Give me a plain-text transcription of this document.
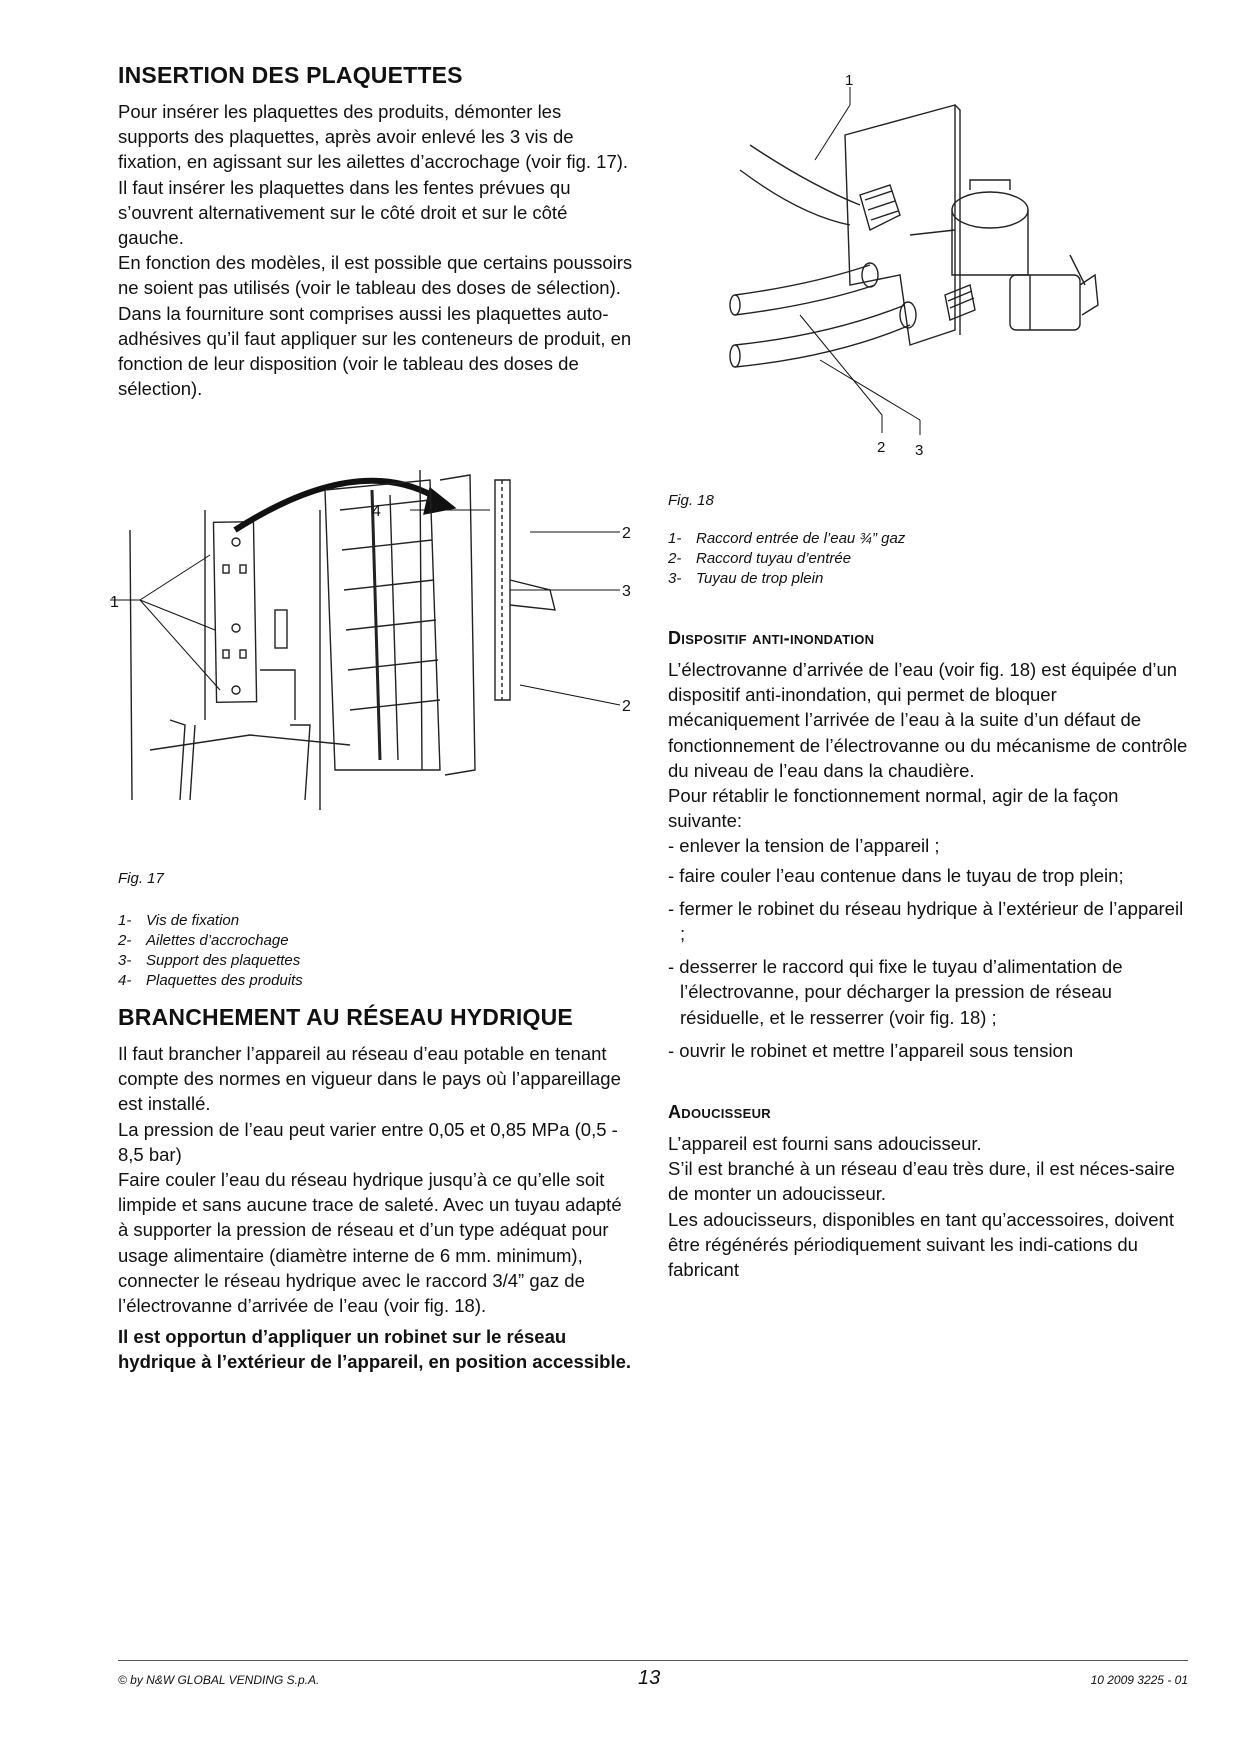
INSERTION DES PLAQUETTES

Pour insérer les plaquettes des produits, démonter les supports des plaquettes, après avoir enlevé les 3 vis de fixation, en agissant sur les ailettes d’accrochage (voir fig. 17).

Il faut insérer les plaquettes dans les fentes prévues qu s’ouvrent alternativement sur le côté droit et sur le côté gauche.

En fonction des modèles, il est possible que certains poussoirs ne soient pas utilisés (voir le tableau des doses de sélection).

Dans la fourniture sont comprises aussi les plaquettes auto-adhésives qu’il faut appliquer sur les conteneurs de produit, en fonction de leur disposition (voir le tableau des doses de sélection).

1
4
2
3
2

Fig. 17

1- Vis de fixation
2- Ailettes d’accrochage
3- Support des plaquettes
4- Plaquettes des produits
BRANCHEMENT AU RÉSEAU HYDRIQUE

Il faut brancher l’appareil au réseau d’eau potable en tenant compte des normes en vigueur dans le pays où l’appareillage est installé.

La pression de l’eau peut varier entre 0,05 et 0,85 MPa (0,5 - 8,5 bar)

Faire couler l’eau du réseau hydrique jusqu’à ce qu’elle soit limpide et sans aucune trace de saleté. Avec un tuyau adapté à supporter la pression de réseau et d’un type adéquat pour usage alimentaire (diamètre interne de 6 mm. minimum), connecter le réseau hydrique avec le raccord 3/4” gaz de l’électrovanne d’arrivée de l’eau (voir fig. 18).

Il est opportun d’appliquer un robinet sur le réseau hydrique à l’extérieur de l’appareil, en position accessible.

1
2 3

Fig. 18

1- Raccord entrée de l’eau ¾” gaz
2- Raccord tuyau d’entrée
3- Tuyau de trop plein
Dispositif anti-inondation

L’électrovanne d’arrivée de l’eau (voir fig. 18) est équipée d’un dispositif anti-inondation, qui permet de bloquer mécaniquement l’arrivée de l’eau à la suite d’un défaut de fonctionnement de l’électrovanne ou du mécanisme de contrôle du niveau de l’eau dans la chaudière.

Pour rétablir le fonctionnement normal, agir de la façon suivante:

- enlever la tension de l’appareil ;

- faire couler l’eau contenue dans le tuyau de trop plein;

- fermer le robinet du réseau hydrique à l’extérieur de l’appareil ;

- desserrer le raccord qui fixe le tuyau d’alimentation de l’électrovanne, pour décharger la pression de réseau résiduelle, et le resserrer (voir fig. 18) ;

- ouvrir le robinet et mettre l’appareil sous tension

Adoucisseur

L’appareil est fourni sans adoucisseur.

S’il est branché à un réseau d’eau très dure, il est néces-saire de monter un adoucisseur.

Les adoucisseurs, disponibles en tant qu’accessoires, doivent être régénérés périodiquement suivant les indi-cations du fabricant

© by N&W GLOBAL VENDING S.p.A.	13	10 2009 3225 - 01
